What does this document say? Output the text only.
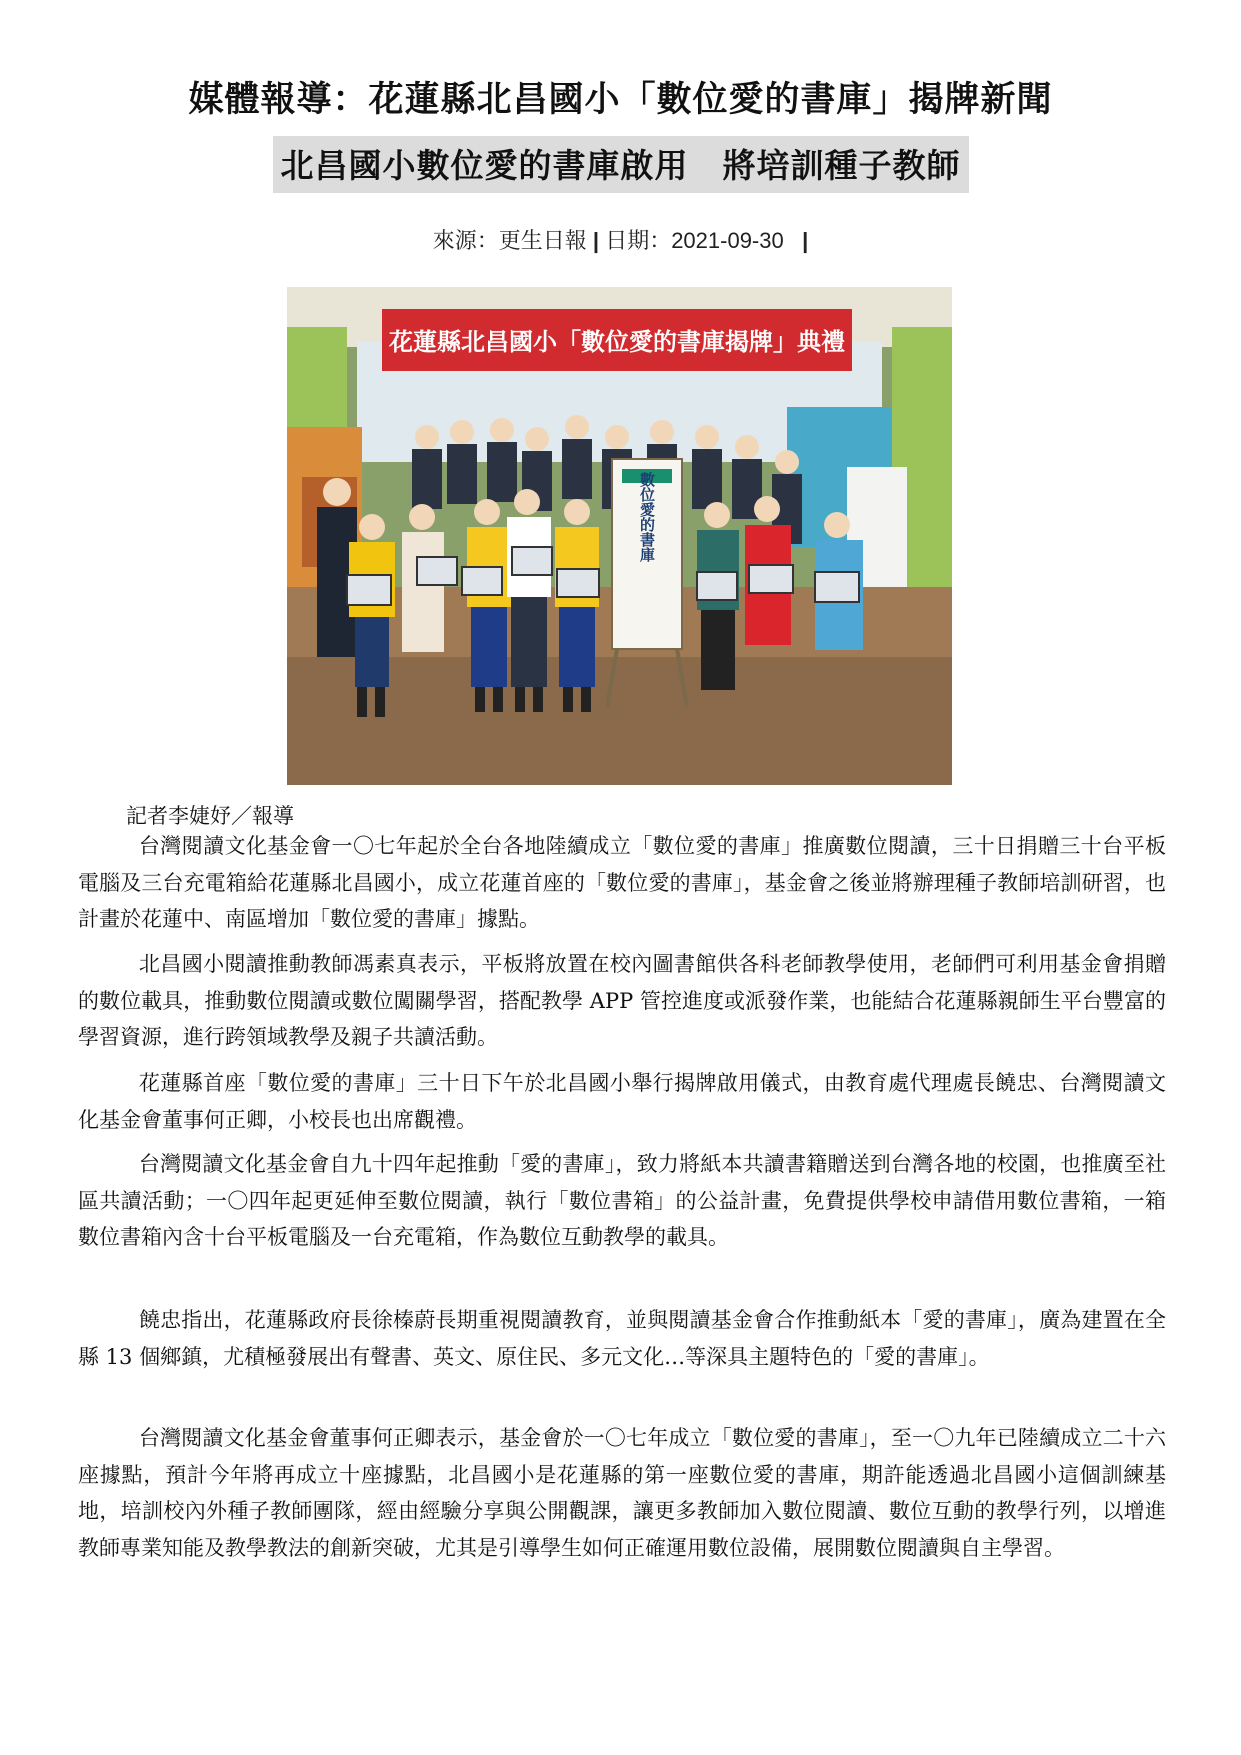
媒體報導：花蓮縣北昌國小「數位愛的書庫」揭牌新聞
北昌國小數位愛的書庫啟用　將培訓種子教師
來源：更生日報 | 日期：2021-09-30 |
花蓮縣北昌國小「數位愛的書庫揭牌」典禮
數位愛的書庫
記者李婕妤／報導

台灣閱讀文化基金會一〇七年起於全台各地陸續成立「數位愛的書庫」推廣數位閱讀，三十日捐贈三十台平板電腦及三台充電箱給花蓮縣北昌國小，成立花蓮首座的「數位愛的書庫」，基金會之後並將辦理種子教師培訓研習，也計畫於花蓮中、南區增加「數位愛的書庫」據點。

北昌國小閱讀推動教師馮素真表示，平板將放置在校內圖書館供各科老師教學使用，老師們可利用基金會捐贈的數位載具，推動數位閱讀或數位闖關學習，搭配教學 APP 管控進度或派發作業，也能結合花蓮縣親師生平台豐富的學習資源，進行跨領域教學及親子共讀活動。

花蓮縣首座「數位愛的書庫」三十日下午於北昌國小舉行揭牌啟用儀式，由教育處代理處長饒忠、台灣閱讀文化基金會董事何正卿，小校長也出席觀禮。

台灣閱讀文化基金會自九十四年起推動「愛的書庫」，致力將紙本共讀書籍贈送到台灣各地的校園，也推廣至社區共讀活動；一〇四年起更延伸至數位閱讀，執行「數位書箱」的公益計畫，免費提供學校申請借用數位書箱，一箱數位書箱內含十台平板電腦及一台充電箱，作為數位互動教學的載具。

饒忠指出，花蓮縣政府長徐榛蔚長期重視閱讀教育，並與閱讀基金會合作推動紙本「愛的書庫」，廣為建置在全縣 13 個鄉鎮，尤積極發展出有聲書、英文、原住民、多元文化…等深具主題特色的「愛的書庫」。

台灣閱讀文化基金會董事何正卿表示，基金會於一〇七年成立「數位愛的書庫」，至一〇九年已陸續成立二十六座據點，預計今年將再成立十座據點，北昌國小是花蓮縣的第一座數位愛的書庫，期許能透過北昌國小這個訓練基地，培訓校內外種子教師團隊，經由經驗分享與公開觀課，讓更多教師加入數位閱讀、數位互動的教學行列，以增進教師專業知能及教學教法的創新突破，尤其是引導學生如何正確運用數位設備，展開數位閱讀與自主學習。
